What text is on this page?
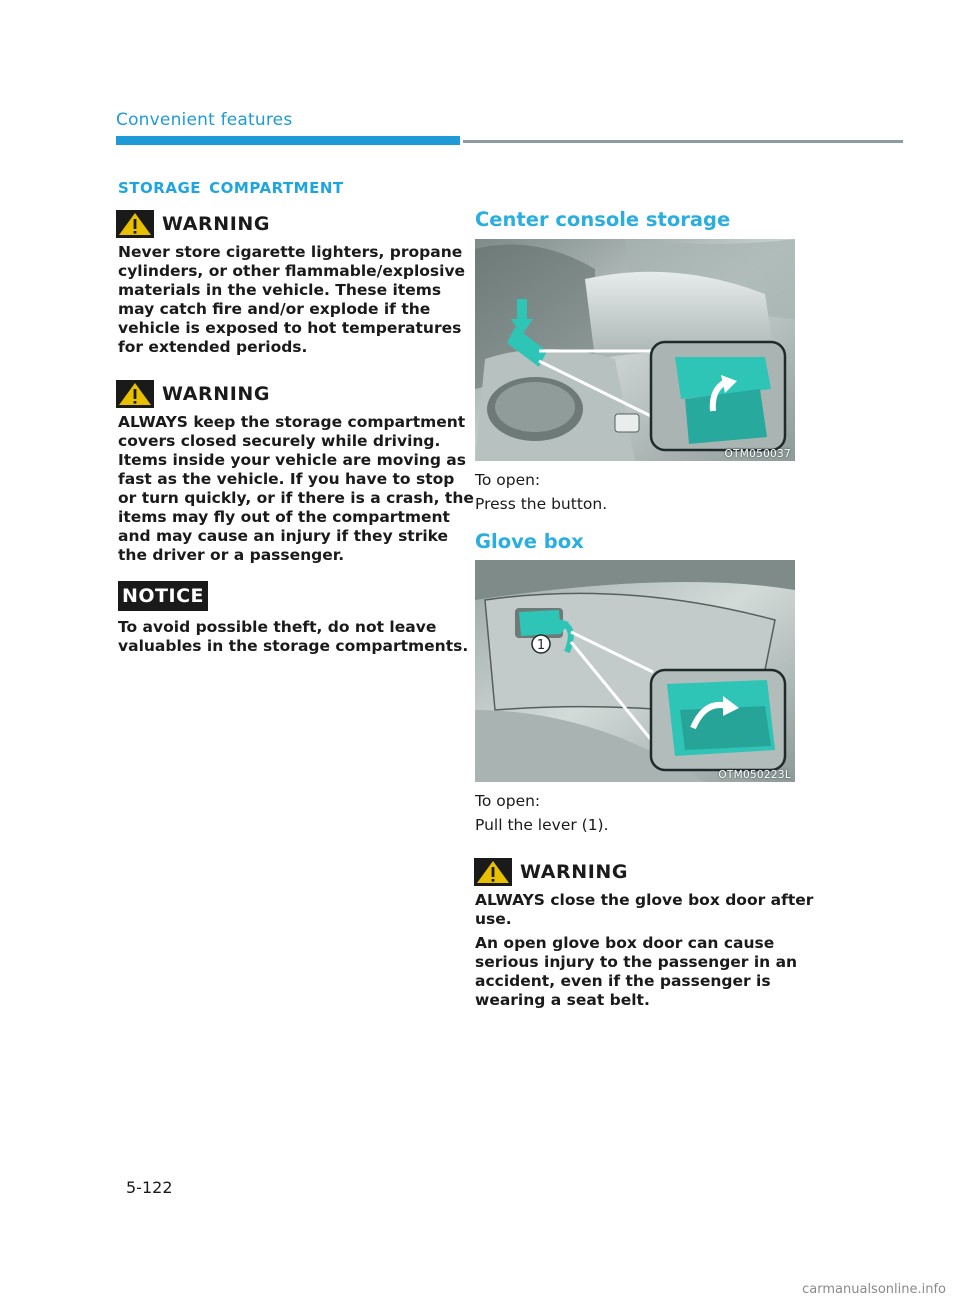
Convenient features
storage compartment
WARNING
Never store cigarette lighters, propane
cylinders, or other flammable/explosive
materials in the vehicle. These items
may catch fire and/or explode if the
vehicle is exposed to hot temperatures
for extended periods.
WARNING
ALWAYS keep the storage compartment
covers closed securely while driving.
Items inside your vehicle are moving as
fast as the vehicle. If you have to stop
or turn quickly, or if there is a crash, the
items may fly out of the compartment
and may cause an injury if they strike
the driver or a passenger.
NOTICE
To avoid possible theft, do not leave
valuables in the storage compartments.
Center console storage
OTM050037
To open:
Press the button.
Glove box
1
OTM050223L
To open:
Pull the lever (1).
WARNING
ALWAYS close the glove box door after
use.
An open glove box door can cause
serious injury to the passenger in an
accident, even if the passenger is
wearing a seat belt.
5-122
carmanualsonline.info
